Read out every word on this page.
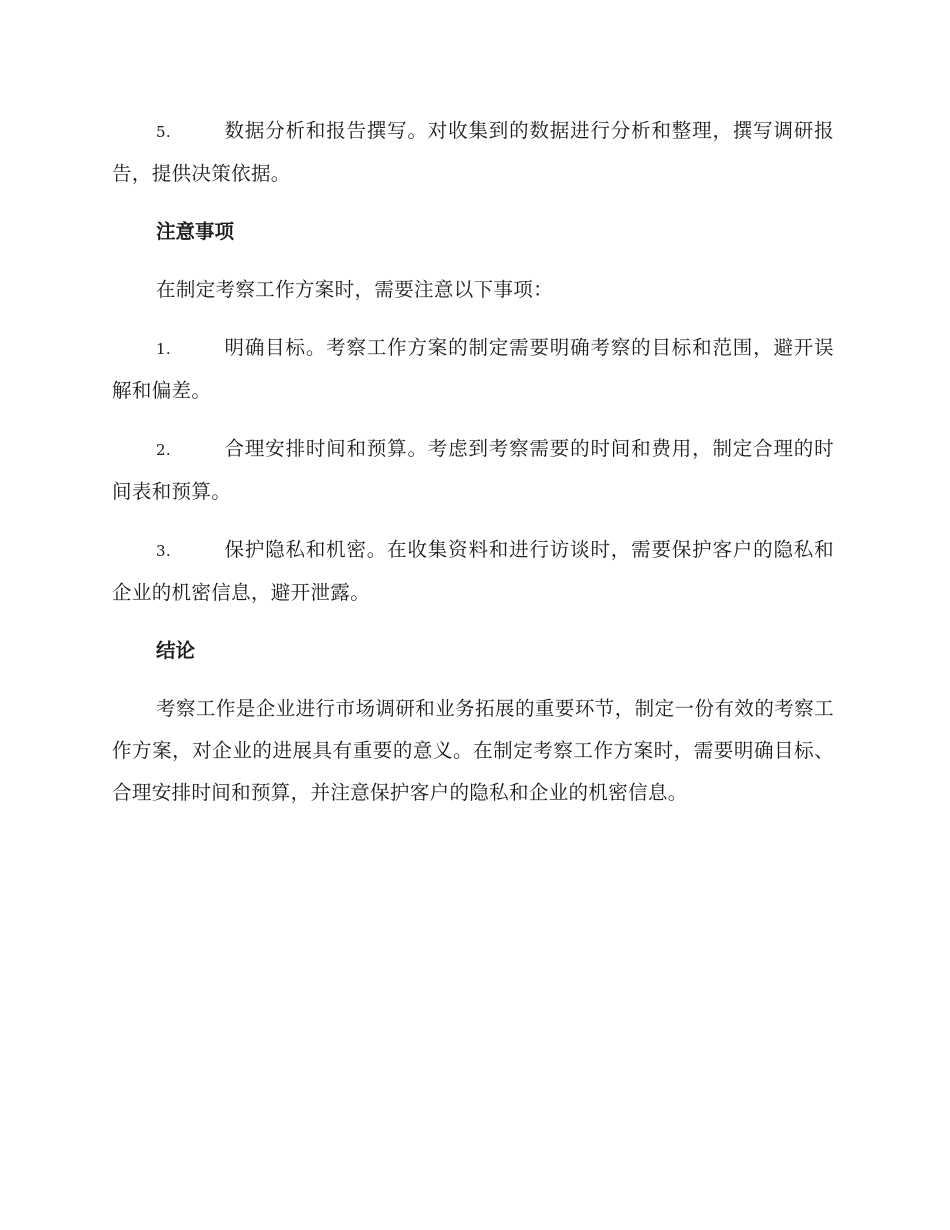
5.	数据分析和报告撰写。对收集到的数据进行分析和整理，撰写调研报告，提供决策依据。

注意事项

在制定考察工作方案时，需要注意以下事项：

1.	明确目标。考察工作方案的制定需要明确考察的目标和范围，避开误解和偏差。

2.	合理安排时间和预算。考虑到考察需要的时间和费用，制定合理的时间表和预算。

3.	保护隐私和机密。在收集资料和进行访谈时，需要保护客户的隐私和企业的机密信息，避开泄露。

结论

考察工作是企业进行市场调研和业务拓展的重要环节，制定一份有效的考察工作方案，对企业的进展具有重要的意义。在制定考察工作方案时，需要明确目标、合理安排时间和预算，并注意保护客户的隐私和企业的机密信息。
